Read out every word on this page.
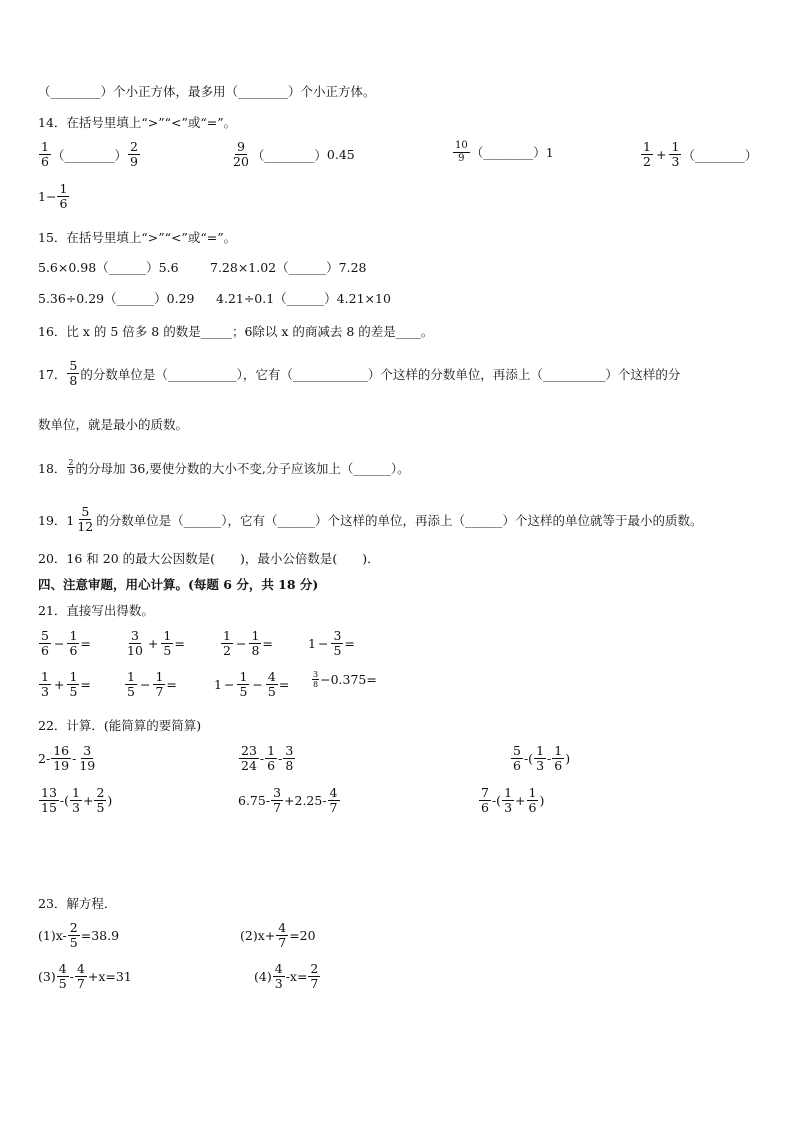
（________）个小正方体，最多用（________）个小正方体。
14．在括号里填上“>”“<”或“=”。
$\frac{1}{6}$ （________） $\frac{2}{9}$	$\frac{9}{20}$ （________） 0.45	$\frac{10}{9}$ （________） 1	$\frac{1}{2} + \frac{1}{3}$ （________）
$1- \frac{1}{6}$
15．在括号里填上“>”“<”或“=”。
5.6×0.98（______）5.6	7.28×1.02（______）7.28
5.36÷0.29（______）0.29 4.21÷0.1（______）4.21×10
16．比 x 的 5 倍多 8 的数是_____；6除以 x 的商减去 8 的差是____。
17． $\frac{5}{8}$ 的分数单位是（___________），它有（____________）个这样的分数单位，再添上（__________）个这样的分
数单位，就是最小的质数。
18． $\frac{2}{9}$ 的分母加 36,要使分数的大小不变,分子应该加上（______）。
19．$1 \frac{5}{12}$ 的分数单位是（______），它有（______）个这样的单位，再添上（______）个这样的单位就等于最小的质数。
20．16 和 20 的最大公因数是(　　)，最小公倍数是(　　)．
四、注意审题，用心计算。(每题 6 分，共 18 分)
21．直接写出得数。
$\frac{5}{6} - \frac{1}{6}$ =	$\frac{3}{10} + \frac{1}{5}$ =	$\frac{1}{2} - \frac{1}{8}$ =	$1 - \frac{3}{5}$ =
$\frac{1}{3} + \frac{1}{5}$ =	$\frac{1}{5} - \frac{1}{7}$ =	$1 - \frac{1}{5} - \frac{4}{5}$ =	$\frac{3}{8} -0.375=$
22．计算．(能简算的要简算)
$2- \frac{16}{19} - \frac{3}{19}$	$\frac{23}{24} - \frac{1}{6} - \frac{3}{8}$	$\frac{5}{6}$ -( $\frac{1}{3} - \frac{1}{6}$ )
$\frac{13}{15}$ -( $\frac{1}{3} + \frac{2}{5}$ )	$6.75- \frac{3}{7} +2.25- \frac{4}{7}$	$\frac{7}{6}$ -( $\frac{1}{3} + \frac{1}{6}$ )
23．解方程．
$(1)x- \frac{2}{5} =38.9$	$(2)x+ \frac{4}{7} =20$
$(3) \frac{4}{5} - \frac{4}{7} +x=31$	$(4) \frac{4}{3} -x= \frac{2}{7}$
